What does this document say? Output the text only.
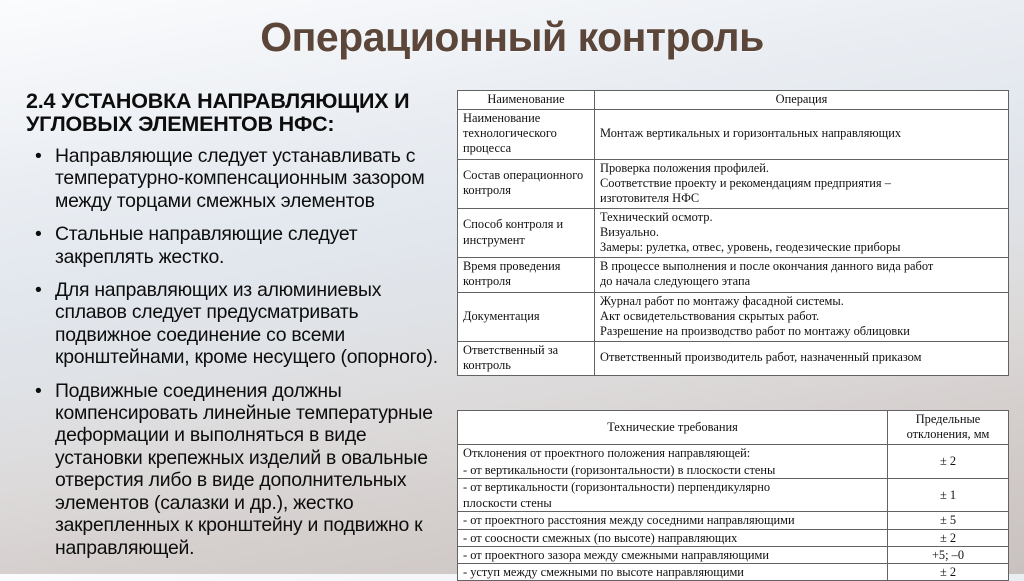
Операционный контроль
2.4 УСТАНОВКА НАПРАВЛЯЮЩИХ И УГЛОВЫХ ЭЛЕМЕНТОВ НФС:
• Направляющие следует устанавливать с температурно-компенсационным зазором между торцами смежных элементов
• Стальные направляющие следует закреплять жестко.
• Для направляющих из алюминиевых сплавов следует предусматривать подвижное соединение со всеми кронштейнами, кроме несущего (опорного).
• Подвижные соединения должны компенсировать линейные температурные деформации и выполняться в виде установки крепежных изделий в овальные отверстия либо в виде дополнительных элементов (салазки и др.), жестко закрепленных к кронштейну и подвижно к направляющей.
Наименование	Операция
Наименование технологического процесса	Монтаж вертикальных и горизонтальных направляющих
Состав операционного контроля	Проверка положения профилей.
Соответствие проекту и рекомендациям предприятия –
изготовителя НФС

Способ контроля и инструмент	Технический осмотр.
Визуально.
Замеры: рулетка, отвес, уровень, геодезические приборы

Время проведения контроля	В процессе выполнения и после окончания данного вида работ
до начала следующего этапа

Документация	Журнал работ по монтажу фасадной системы.
Акт освидетельствования скрытых работ.
Разрешение на производство работ по монтажу облицовки

Ответственный за контроль	Ответственный производитель работ, назначенный приказом
Технические требования	Предельные
отклонения, мм

Отклонения от проектного положения направляющей:
- от вертикальности (горизонтальности) в плоскости стены	± 2

- от вертикальности (горизонтальности) перпендикулярно
плоскости стены	± 1
- от проектного расстояния между соседними направляющими	± 5
- от соосности смежных (по высоте) направляющих	± 2
- от проектного зазора между смежными направляющими	+5; –0
- уступ между смежными по высоте направляющими	± 2
